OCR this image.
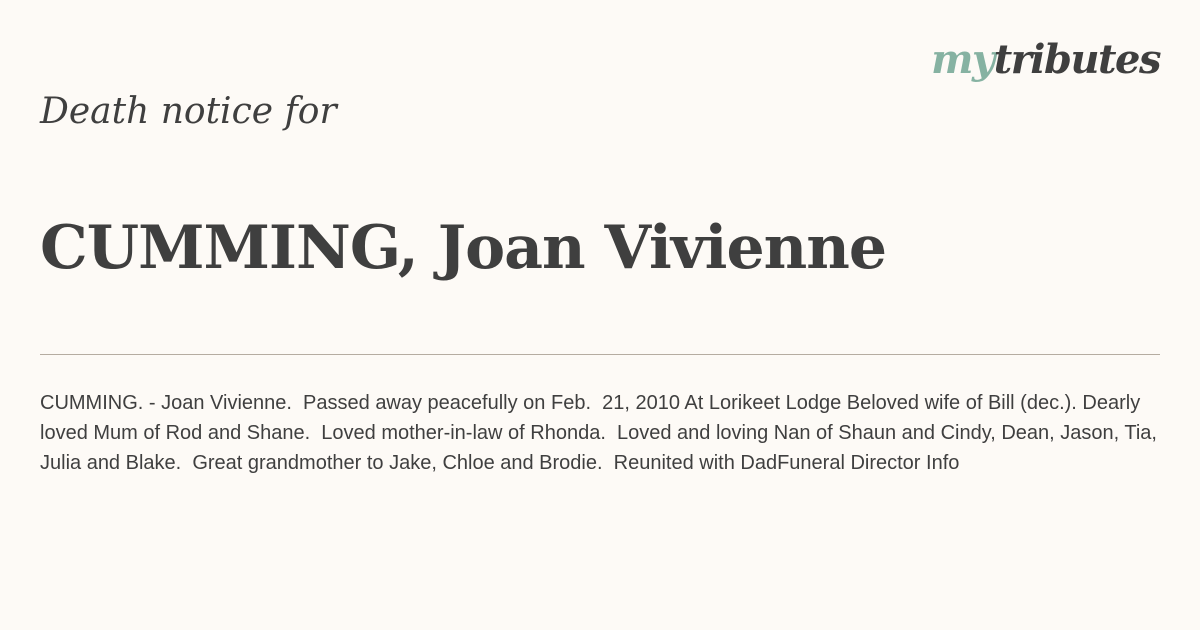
mytributes
Death notice for
CUMMING, Joan Vivienne

CUMMING. - Joan Vivienne.  Passed away peacefully on Feb.  21, 2010 At Lorikeet Lodge Beloved wife of Bill (dec.). Dearly loved Mum of Rod and Shane.  Loved mother-in-law of Rhonda.  Loved and loving Nan of Shaun and Cindy, Dean, Jason, Tia, Julia and Blake.  Great grandmother to Jake, Chloe and Brodie.  Reunited with DadFuneral Director Info
